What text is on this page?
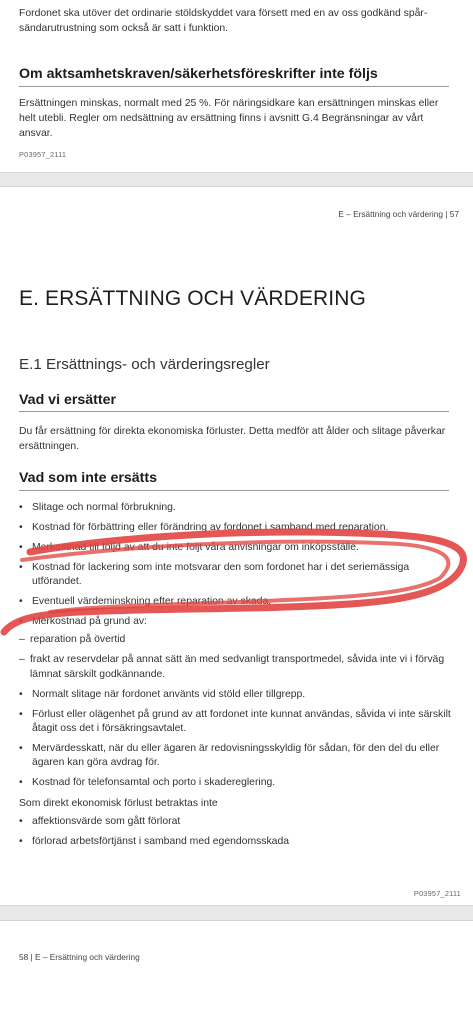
Fordonet ska utöver det ordinarie stöldskyddet vara försett med en av oss godkänd spårsändarutrustning som också är satt i funktion.

Om aktsamhetskraven/säkerhetsföreskrifter inte följs

Ersättningen minskas, normalt med 25 %. För näringsidkare kan ersättningen minskas eller helt utebli. Regler om nedsättning av ersättning finns i avsnitt G.4 Begränsningar av vårt ansvar.

P03957_2111
E – Ersättning och värdering | 57
E. ERSÄTTNING OCH VÄRDERING
E.1 Ersättnings- och värderingsregler
Vad vi ersätter

Du får ersättning för direkta ekonomiska förluster. Detta medför att ålder och slitage påverkar ersättningen.

Vad som inte ersätts
• Slitage och normal förbrukning.
• Kostnad för förbättring eller förändring av fordonet i samband med reparation.
• Merkostnad till följd av att du inte följt våra anvisningar om inköpsställe.
• Kostnad för lackering som inte motsvarar den som fordonet har i det seriemässiga utförandet.
• Eventuell värdeminskning efter reparation av skada.
• Merkostnad på grund av:
– reparation på övertid
– frakt av reservdelar på annat sätt än med sedvanligt transportmedel, såvida inte vi i förväg lämnat särskilt godkännande.
• Normalt slitage när fordonet använts vid stöld eller tillgrepp.
• Förlust eller olägenhet på grund av att fordonet inte kunnat användas, såvida vi inte särskilt åtagit oss det i försäkringsavtalet.
• Mervärdesskatt, när du eller ägaren är redovisningsskyldig för sådan, för den del du eller ägaren kan göra avdrag för.
• Kostnad för telefonsamtal och porto i skadereglering.

Som direkt ekonomisk förlust betraktas inte

• affektionsvärde som gått förlorat
• förlorad arbetsförtjänst i samband med egendomsskada
P03957_2111
58 | E – Ersättning och värdering
